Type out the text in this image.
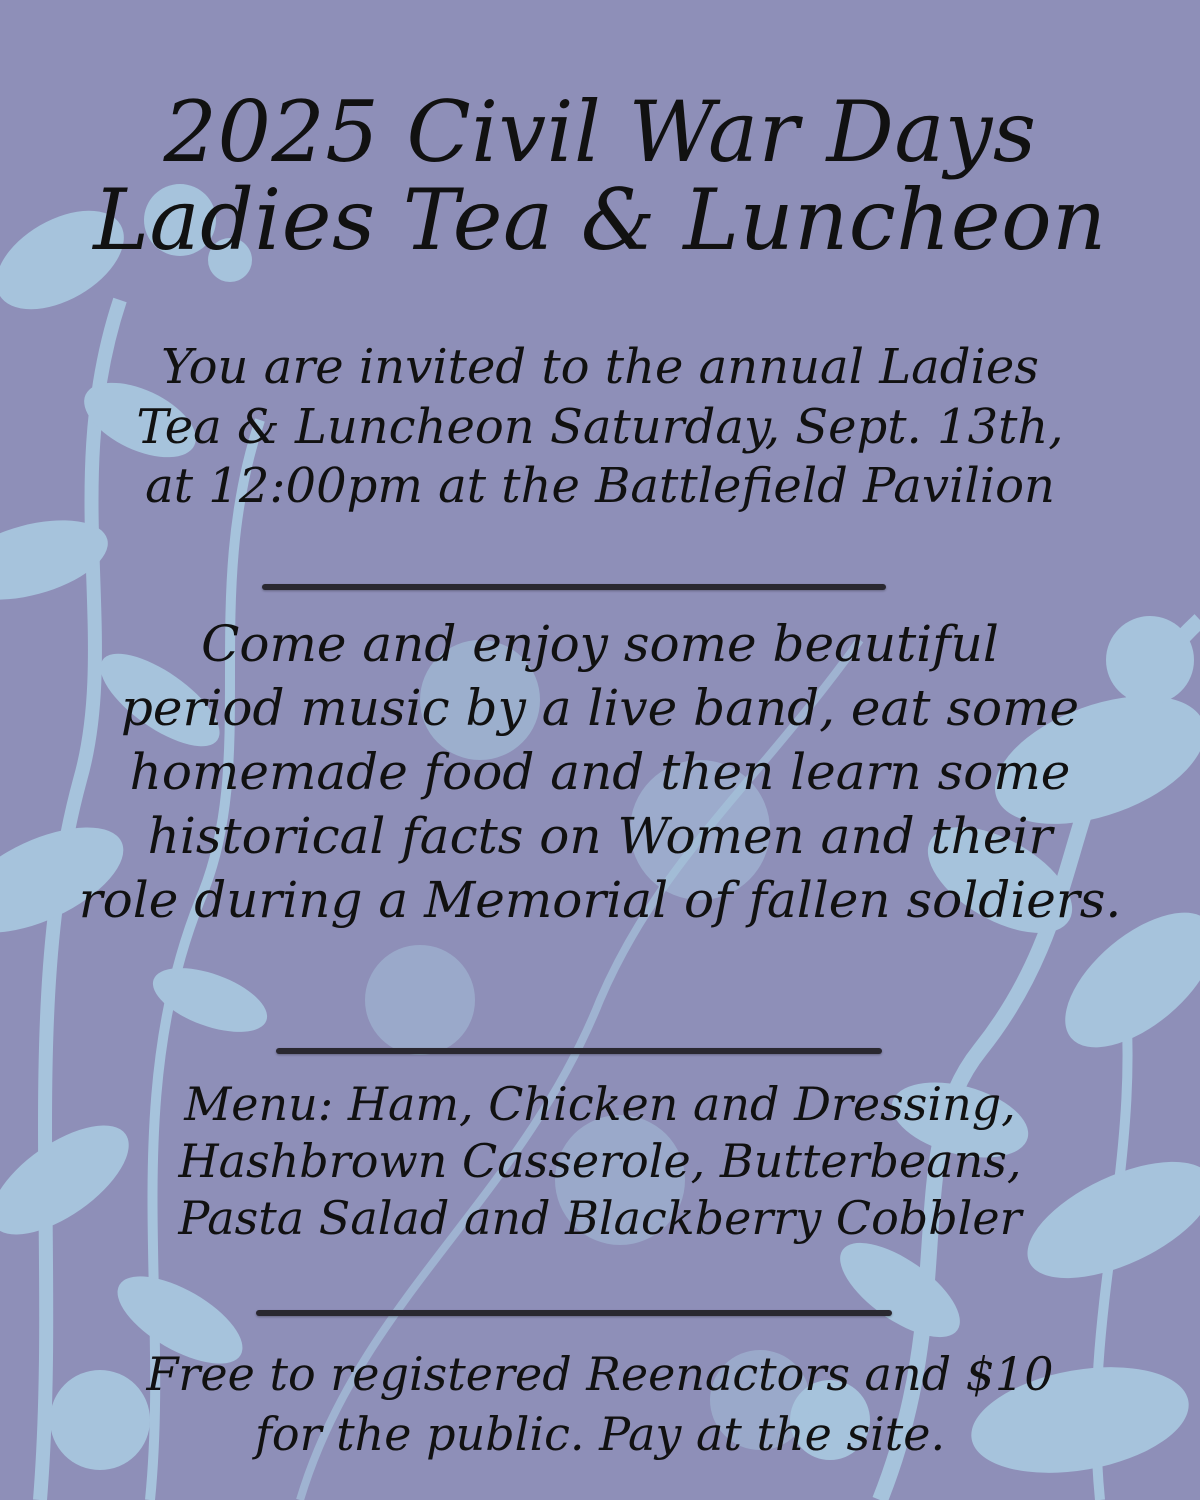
2025 Civil War Days
Ladies Tea & Luncheon

You are invited to the annual Ladies
Tea & Luncheon Saturday, Sept. 13th,
at 12:00pm at the Battlefield Pavilion

Come and enjoy some beautiful
period music by a live band, eat some
homemade food and then learn some
historical facts on Women and their
role during a Memorial of fallen soldiers.

Menu: Ham, Chicken and Dressing,
Hashbrown Casserole, Butterbeans,
Pasta Salad and Blackberry Cobbler

Free to registered Reenactors and $10
for the public. Pay at the site.
